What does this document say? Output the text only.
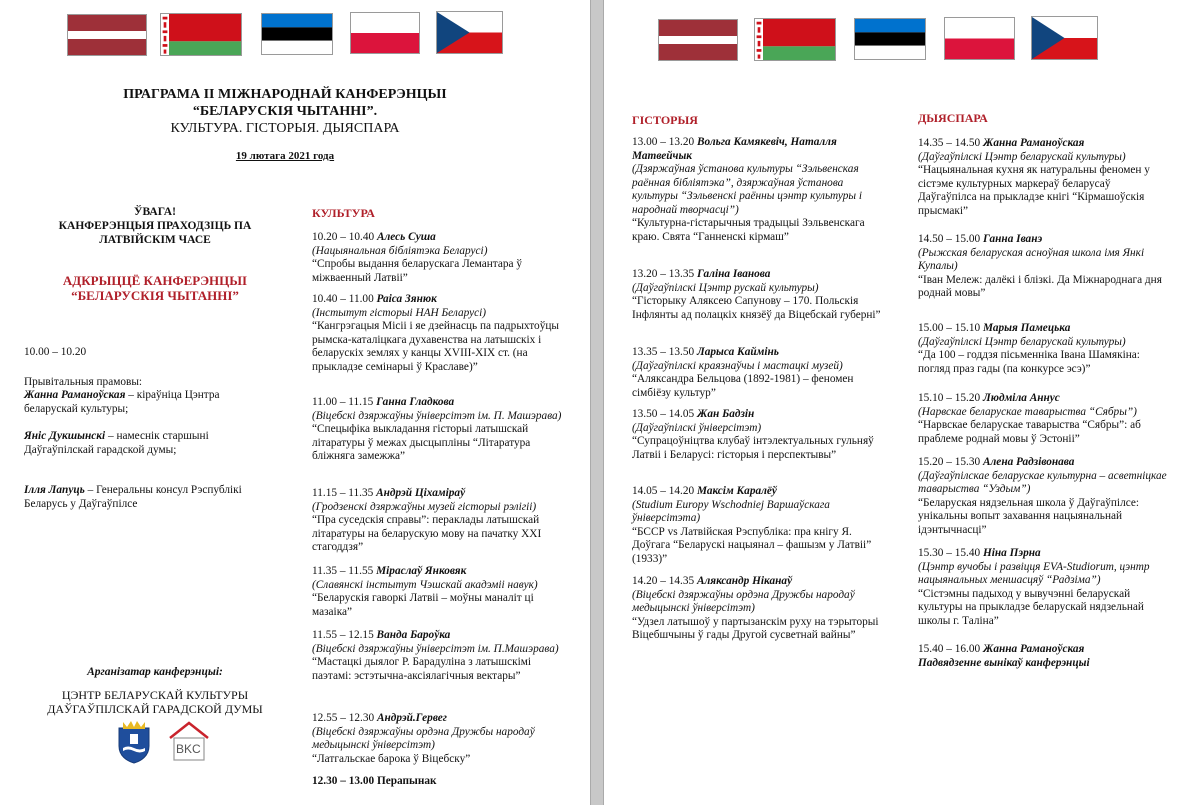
ПРАГРАМА ІІ МІЖНАРОДНАЙ КАНФЕРЭНЦЫІ
“БЕЛАРУСКІЯ ЧЫТАННІ”.
КУЛЬТУРА. ГІСТОРЫЯ. ДЫЯСПАРА
19 лютага 2021 года
ЎВАГА!
КАНФЕРЭНЦЫЯ ПРАХОДЗІЦЬ ПА
ЛАТВІЙСКІМ ЧАСЕ
АДКРЫЦЦЁ КАНФЕРЭНЦЫІ
“БЕЛАРУСКІЯ ЧЫТАННІ”
10.00 – 10.20
Прывітальныя прамовы:
Жанна Раманоўская – кіраўніца Цэнтра беларускай культуры;
Яніс Дукшынскі – намеснік старшыні Даўгаўпілскай гарадской думы;
Ілля Лапуць – Генеральны консул Рэспублікі Беларусь у Даўгаўпілсе
Арганізатар канферэнцыі:
ЦЭНТР БЕЛАРУСКАЙ КУЛЬТУРЫ
ДАЎГАЎПІЛСКАЙ ГАРАДСКОЙ ДУМЫ
BKC
КУЛЬТУРА
10.20 – 10.40 Алесь Суша
(Нацыянальная бібліятэка Беларусі)
“Спробы выдання беларускага Лемантара ў міжваенный Латвіі”
10.40 – 11.00 Раіса Зянюк
(Інстытут гісторыі НАН Беларусі)
“Кангрэгацыя Місіі і яе дзейнасць па падрыхтоўцы рымска-каталіцкага духавенства на латышскіх і беларускіх землях у канцы XVIII-XIX ст. (на прыкладзе семінарыі ў Краславе)”
11.00 – 11.15 Ганна Гладкова
(Віцебскі дзяржаўны ўніверсітэт ім. П. Машэрава)
“Спецыфіка выкладання гісторыі латышскай літаратуры ў межах дысцыпліны “Літаратура бліжняга замежжа”
11.15 – 11.35 Андрэй Ціхамiраў
(Гродзенскі дзяржаўны музей гісторыі рэлігіі)
“Пра суседскія справы”: пераклады латышскай літаратуры на беларускую мову на пачатку XXI стагоддзя”
11.35 – 11.55 Мiраслаў Янковяк
(Славянскі інстытут Чэшскай акадэміі навук)
“Беларускія гаворкі Латвіі – моўны маналіт ці мазаіка”
11.55 – 12.15 Ванда Бароўка
(Віцебскі дзяржаўны ўніверсітэт ім. П.Машэрава)
“Мастацкі дыялог Р. Барадуліна з латышскімі паэтамі: эстэтычна-аксіялагічныя вектары”
12.55 – 12.30 Андрэй.Гервег
(Віцебскі дзяржаўны ордэна Дружбы народаў медыцынскі ўніверсітэт)
“Латгальскае барока ў Віцебску”
12.30 – 13.00 Перапынак
ГІСТОРЫЯ
13.00 – 13.20 Вольга Камякевіч, Наталля Матвейчык
(Дзяржаўная ўстанова культуры “Зэльвенская раённая бібліятэка”, дзяржаўная ўстанова культуры “Зэльвенскі раённы цэнтр культуры і народнай творчасці”)
“Культурна-гістарычныя традыцыі Зэльвенскага краю. Свята “Ганненскі кірмаш”
13.20 – 13.35 Галіна Іванова
(Даўгаўпілскі Цэнтр рускай культуры)
“Гісторыку Аляксею Сапунову – 170. Польскія Інфлянты ад полацкіх князёў да Віцебскай губерні”
13.35 – 13.50 Ларыса Каймінь
(Даўгаўпілскі краязнаўчы і мастацкі музей)
“Аляксандра Бельцова (1892-1981) – феномен сімбіёзу культур”
13.50 – 14.05 Жан Бадзін
(Даўгаўпілскі ўніверсітэт)
“Супрацоўніцтва клубаў інтэлектуальных гульняў Латвіі і Беларусі: гісторыя і перспектывы”
14.05 – 14.20 Максім Каралёў
(Studium Europy Wschodniej Варшаўскага ўніверсітэта)
“БССР vs Латвійская Рэспубліка: пра кнігу Я. Доўгага “Беларускі нацыянал – фашызм у Латвіі” (1933)”
14.20 – 14.35 Аляксандр Нiканаў
(Віцебскі дзяржаўны ордэна Дружбы народаў медыцынскі ўніверсітэт)
“Удзел латышоў у партызанскім руху на тэрыторыі Віцебшчыны ў гады Другой сусветнай вайны”
ДЫЯСПАРА
14.35 – 14.50 Жанна Раманоўская
(Даўгаўпілскі Цэнтр беларускай культуры)
“Нацыянальная кухня як натуральны феномен у сістэме культурных маркераў беларусаў Даўгаўпілса на прыкладзе кнігі “Кірмашоўскія прысмакі”
14.50 – 15.00 Ганна Іванэ
(Рыжская беларуская асноўная школа імя Янкі Купалы)
“Іван Мележ: далёкі і блізкі. Да Міжнароднага дня роднай мовы”
15.00 – 15.10 Марыя Памецька
(Даўгаўпілскі Цэнтр беларускай культуры)
“Да 100 – годдзя пісьменніка Івана Шамякіна: погляд праз гады (па конкурсе эсэ)”
15.10 – 15.20 Людміла Аннус
(Нарвскае беларускае таварыства “Сябры”)
“Нарвскае беларускае таварыства “Сябры”: аб праблеме роднай мовы ў Эстоніі”
15.20 – 15.30 Алена Радзівонава
(Даўгаўпілскае беларускае культурна – асветніцкае таварыства “Уздым”)
“Беларуская нядзельная школа ў Даўгаўпілсе: унікальны вопыт захавання нацыянальнай ідэнтычнасці”
15.30 – 15.40 Ніна Пэрна
(Цэнтр вучобы і развіцця EVA-Studiorum, цэнтр нацыянальных меншасцяў “Радзіма”)
“Сістэмны падыход у вывучэнні беларускай культуры на прыкладзе беларускай нядзельнай школы г. Таліна”
15.40 – 16.00 Жанна Раманоўская
Падвядзенне вынікаў канферэнцыі
